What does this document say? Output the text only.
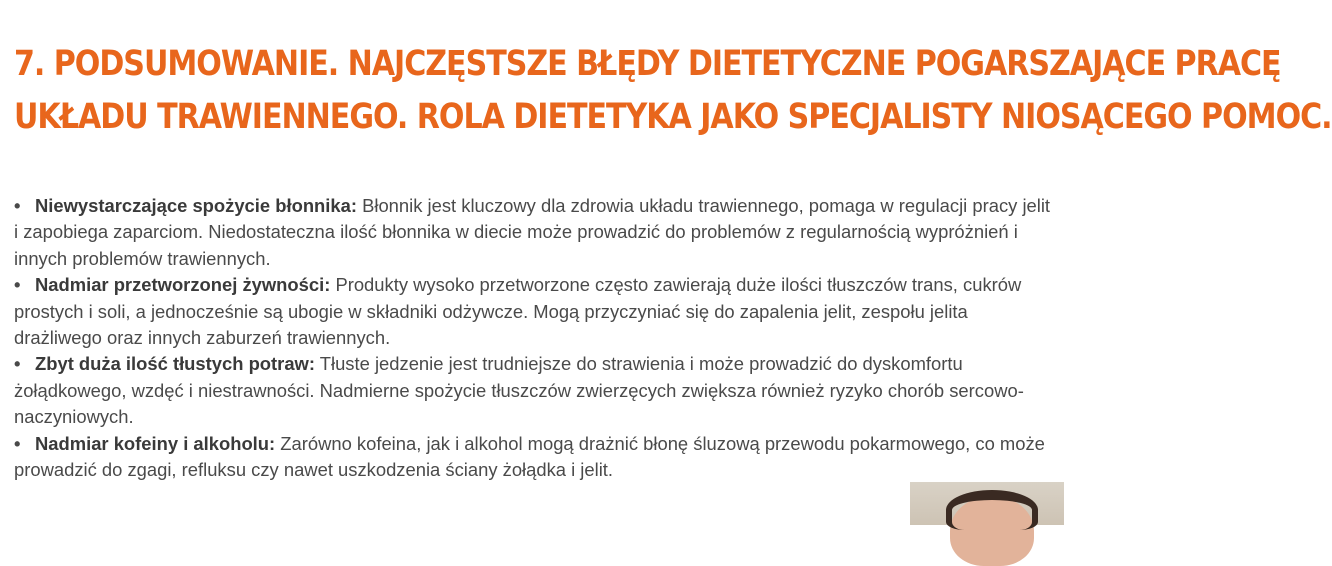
7. PODSUMOWANIE. NAJCZĘSTSZE BŁĘDY DIETETYCZNE POGARSZAJĄCE PRACĘ
UKŁADU TRAWIENNEGO. ROLA DIETETYKA JAKO SPECJALISTY NIOSĄCEGO POMOC.
• Niewystarczające spożycie błonnika: Błonnik jest kluczowy dla zdrowia układu trawiennego, pomaga w regulacji pracy jelit i zapobiega zaparciom. Niedostateczna ilość błonnika w diecie może prowadzić do problemów z regularnością wypróżnień i innych problemów trawiennych.
• Nadmiar przetworzonej żywności: Produkty wysoko przetworzone często zawierają duże ilości tłuszczów trans, cukrów prostych i soli, a jednocześnie są ubogie w składniki odżywcze. Mogą przyczyniać się do zapalenia jelit, zespołu jelita drażliwego oraz innych zaburzeń trawiennych.
• Zbyt duża ilość tłustych potraw: Tłuste jedzenie jest trudniejsze do strawienia i może prowadzić do dyskomfortu żołądkowego, wzdęć i niestrawności. Nadmierne spożycie tłuszczów zwierzęcych zwiększa również ryzyko chorób sercowo-naczyniowych.
• Nadmiar kofeiny i alkoholu: Zarówno kofeina, jak i alkohol mogą drażnić błonę śluzową przewodu pokarmowego, co może prowadzić do zgagi, refluksu czy nawet uszkodzenia ściany żołądka i jelit.
